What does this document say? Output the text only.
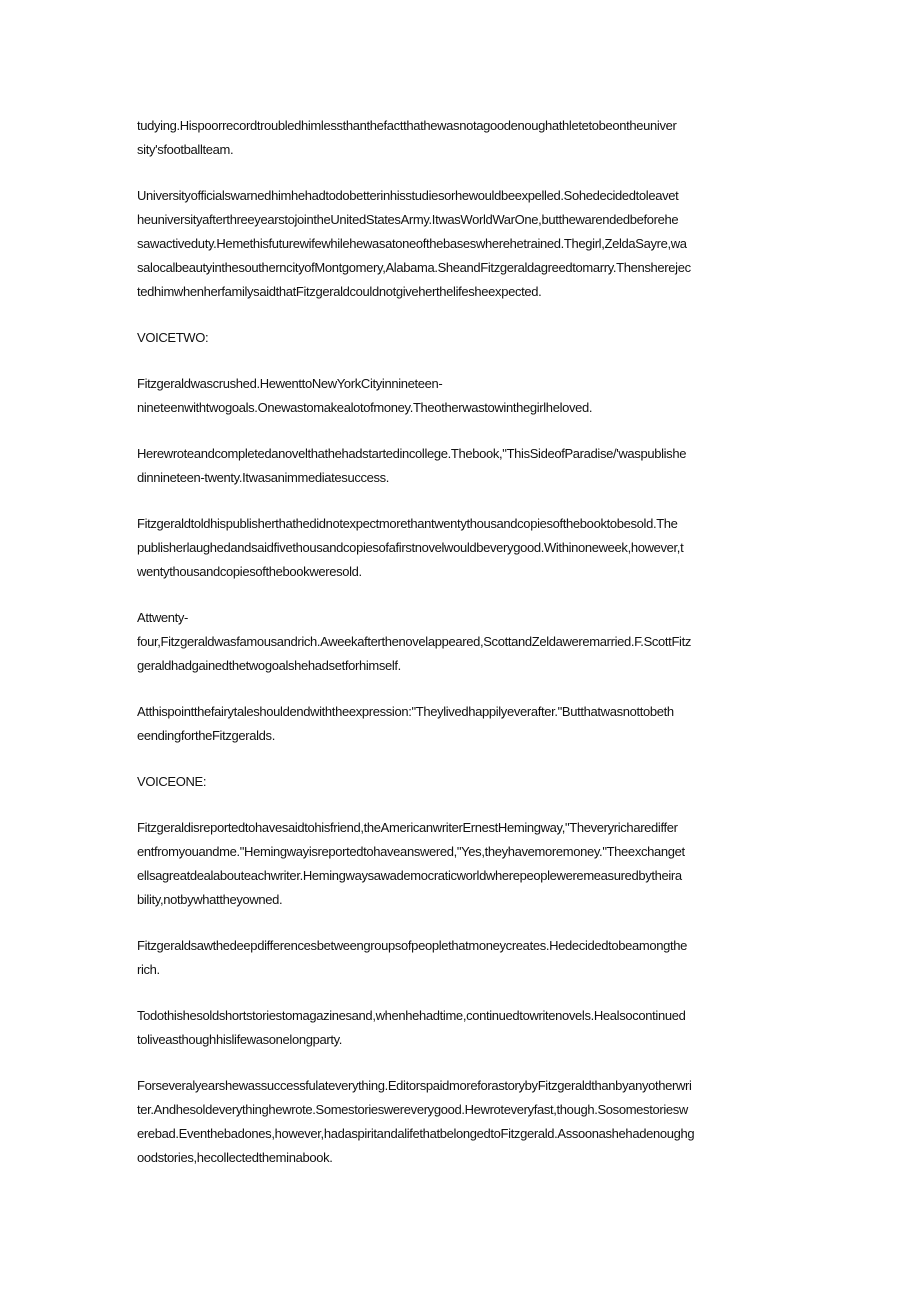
tudying.Hispoorrecordtroubledhimlessthanthefactthathewasnotagoodenoughathletetobeontheuniver
sity'sfootballteam.
Universityofficialswarnedhimhehadtodobetterinhisstudiesorhewouldbeexpelled.Sohedecidedtoleavet
heuniversityafterthreeyearstojointheUnitedStatesArmy.ItwasWorldWarOne,butthewarendedbeforehe
sawactiveduty.Hemethisfuturewifewhilehewasatoneofthebaseswherehetrained.Thegirl,ZeldaSayre,wa
salocalbeautyinthesoutherncityofMontgomery,Alabama.SheandFitzgeraldagreedtomarry.Thensherejec
tedhimwhenherfamilysaidthatFitzgeraldcouldnotgiveherthelifesheexpected.
VOICETWO:
Fitzgeraldwascrushed.HewenttoNewYorkCityinnineteen-
nineteenwithtwogoals.Onewastomakealotofmoney.Theotherwastowinthegirlheloved.
Herewroteandcompletedanovelthathehadstartedincollege.Thebook,"ThisSideofParadise/'waspublishe
dinnineteen-twenty.Itwasanimmediatesuccess.
Fitzgeraldtoldhispublisherthathedidnotexpectmorethantwentythousandcopiesofthebooktobesold.The
publisherlaughedandsaidfivethousandcopiesofafirstnovelwouldbeverygood.Withinoneweek,however,t
wentythousandcopiesofthebookweresold.
Attwenty-
four,Fitzgeraldwasfamousandrich.Aweekafterthenovelappeared,ScottandZeldaweremarried.F.ScottFitz
geraldhadgainedthetwogoalshehadsetforhimself.
Atthispointthefairytaleshouldendwiththeexpression:"Theylivedhappilyeverafter."Butthatwasnottobeth
eendingfortheFitzgeralds.
VOICEONE:
Fitzgeraldisreportedtohavesaidtohisfriend,theAmericanwriterErnestHemingway,"Theveryricharediffer
entfromyouandme."Hemingwayisreportedtohaveanswered,"Yes,theyhavemoremoney."Theexchanget
ellsagreatdealabouteachwriter.Hemingwaysawademocraticworldwherepeopleweremeasuredbytheira
bility,notbywhattheyowned.
Fitzgeraldsawthedeepdifferencesbetweengroupsofpeoplethatmoneycreates.Hedecidedtobeamongthe
rich.
Todothishesoldshortstoriestomagazinesand,whenhehadtime,continuedtowritenovels.Healsocontinued
toliveasthoughhislifewasonelongparty.
Forseveralyearshewassuccessfulateverything.EditorspaidmoreforastorybyFitzgeraldthanbyanyotherwri
ter.Andhesoldeverythinghewrote.Somestorieswereverygood.Hewroteveryfast,though.Sosomestoriesw
erebad.Eventhebadones,however,hadaspiritandalifethatbelongedtoFitzgerald.Assoonashehadenoughg
oodstories,hecollectedtheminabook.
